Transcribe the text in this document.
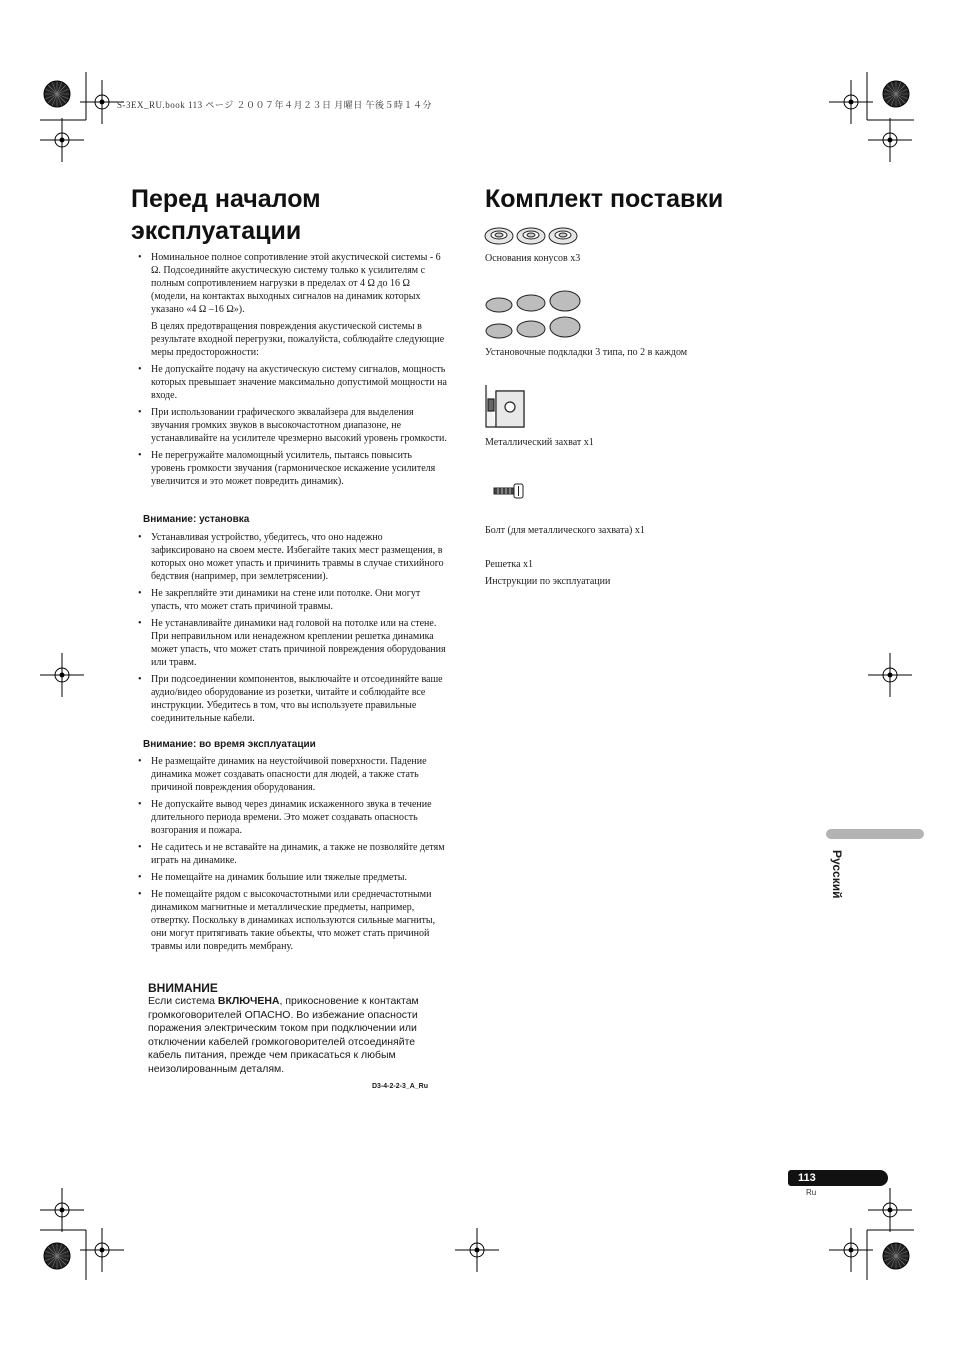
S-3EX_RU.book 113 ページ ２００７年４月２３日 月曜日 午後５時１４分
Перед началом
эксплуатации
• Номинальное полное сопротивление этой акустической системы - 6 Ω. Подсоединяйте акустическую систему только к усилителям с полным сопротивлением нагрузки в пределах от 4 Ω до 16 Ω (модели, на контактах выходных сигналов на динамик которых указано «4 Ω –16 Ω»).

В целях предотвращения повреждения акустической системы в результате входной перегрузки, пожалуйста, соблюдайте следующие меры предосторожности:

• Не допускайте подачу на акустическую систему сигналов, мощность которых превышает значение максимально допустимой мощности на входе.
• При использовании графического эквалайзера для выделения звучания громких звуков в высокочастотном диапазоне, не устанавливайте на усилителе чрезмерно высокий уровень громкости.
• Не перегружайте маломощный усилитель, пытаясь повысить уровень громкости звучания (гармоническое искажение усилителя увеличится и это может повредить динамик).
Внимание: установка
• Устанавливая устройство, убедитесь, что оно надежно зафиксировано на своем месте. Избегайте таких мест размещения, в которых оно может упасть и причинить травмы в случае стихийного бедствия (например, при землетрясении).
• Не закрепляйте эти динамики на стене или потолке. Они могут упасть, что может стать причиной травмы.
• Не устанавливайте динамики над головой на потолке или на стене. При неправильном или ненадежном креплении решетка динамика может упасть, что может стать причиной повреждения оборудования или травм.
• При подсоединении компонентов, выключайте и отсоединяйте ваше аудио/видео оборудование из розетки, читайте и соблюдайте все инструкции. Убедитесь в том, что вы используете правильные соединительные кабели.
Внимание: во время эксплуатации
• Не размещайте динамик на неустойчивой поверхности. Падение динамика может создавать опасности для людей, а также стать причиной повреждения оборудования.
• Не допускайте вывод через динамик искаженного звука в течение длительного периода времени. Это может создавать опасность возгорания и пожара.
• Не садитесь и не вставайте на динамик, а также не позволяйте детям играть на динамике.
• Не помещайте на динамик большие или тяжелые предметы.
• Не помещайте рядом с высокочастотными или среднечастотными динамиком магнитные и металлические предметы, например, отвертку. Поскольку в динамиках используются сильные магниты, они могут притягивать такие объекты, что может стать причиной травмы или повредить мембрану.
ВНИМАНИЕ
Если система ВКЛЮЧЕНА, прикосновение к контактам громкоговорителей ОПАСНО. Во избежание опасности поражения электрическим током при подключении или отключении кабелей громкоговорителей отсоединяйте кабель питания, прежде чем прикасаться к любым неизолированным деталям.
D3-4-2-2-3_A_Ru
Комплект поставки
Основания конусов x3
Установочные подкладки 3 типа, по 2 в каждом
Металлический захват x1
Болт (для металлического захвата) x1
Решетка x1
Инструкции по эксплуатации
Русский
113
Ru
